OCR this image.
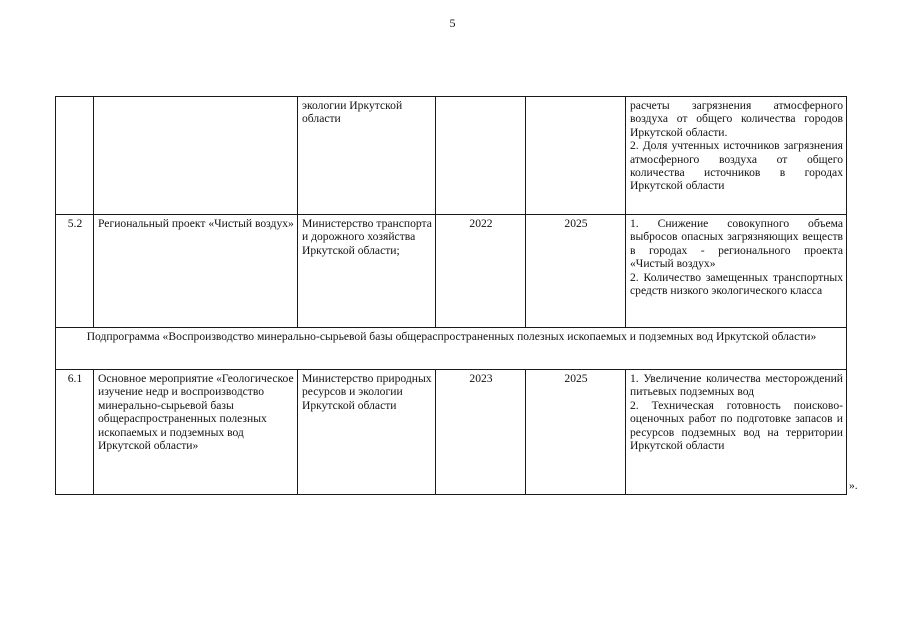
5
		экологии Иркутской области			расчеты загрязнения атмосферного воздуха от общего количества городов Иркутской области.
2. Доля учтенных источников загрязнения атмосферного воздуха от общего количества источников в городах Иркутской области

5.2	Региональный проект «Чистый воздух»	Министерство транспорта и дорожного хозяйства Иркутской области;	2022	2025	1. Снижение совокупного объема выбросов опасных загрязняющих веществ в городах - регионального проекта «Чистый воздух»
2. Количество замещенных транспортных средств низкого экологического класса

Подпрограмма «Воспроизводство минерально-сырьевой базы общераспространенных полезных ископаемых и подземных вод Иркутской области»					
6.1	Основное мероприятие «Геологическое изучение недр и воспроизводство минерально-сырьевой базы общераспространенных полезных ископаемых и подземных вод Иркутской области»	Министерство природных ресурсов и экологии Иркутской области	2023	2025	1. Увеличение количества месторождений питьевых подземных вод
2. Техническая готовность поисково-оценочных работ по подготовке запасов и ресурсов подземных вод на территории Иркутской области
».
